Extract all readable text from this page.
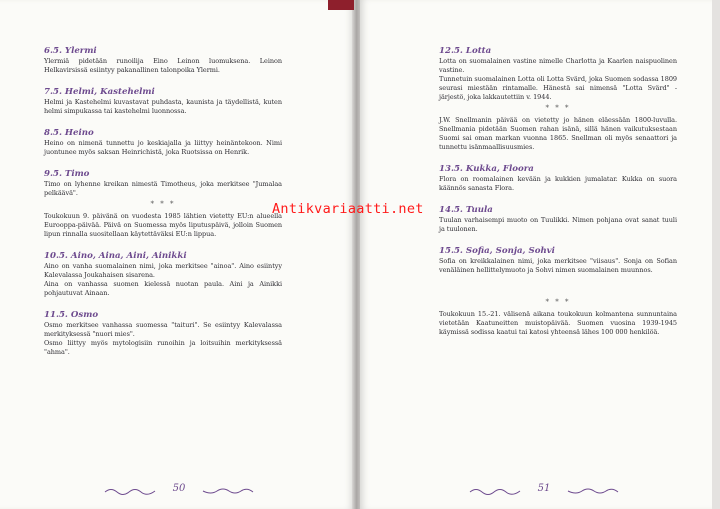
6.5. Ylermi
Ylermiä pidetään runoilija Eino Leinon luomuksena. Leinon Helkavirsissä esiintyy pakanallinen talonpoika Ylermi.
7.5. Helmi, Kastehelmi
Helmi ja Kastehelmi kuvastavat puhdasta, kaunista ja täydellistä, kuten helmi simpukassa tai kastehelmi luonnossa.
8.5. Heino
Heino on nimenä tunnettu jo keskiajalla ja liittyy heinäntekoon. Nimi juontunee myös saksan Heinrichistä, joka Ruotsissa on Henrik.
9.5. Timo
Timo on lyhenne kreikan nimestä Timotheus, joka merkitsee "Jumalaa pelkäävä".
* * *
Toukokuun 9. päivänä on vuodesta 1985 lähtien vietetty EU:n alueella Eurooppa-päivää. Päivä on Suomessa myös liputuspäivä, jolloin Suomen lipun rinnalla suositellaan käytettäväksi EU:n lippua.
10.5. Aino, Aina, Aini, Ainikki
Aino on vanha suomalainen nimi, joka merkitsee "ainoa". Aino esiintyy Kalevalassa Joukahaisen sisarena.
Aina on vanhassa suomen kielessä nuotan paula. Aini ja Ainikki pohjautuvat Ainaan.
11.5. Osmo
Osmo merkitsee vanhassa suomessa "taituri". Se esiintyy Kalevalassa merkityksessä "nuori mies".
Osmo liittyy myös mytologisiin runoihin ja loitsuihin merkityksessä "ahma".
50
12.5. Lotta
Lotta on suomalainen vastine nimelle Charlotta ja Kaarlen naispuolinen vastine.
Tunnetuin suomalainen Lotta oli Lotta Svärd, joka Suomen sodassa 1809 seurasi miestään rintamalle. Hänestä sai nimensä "Lotta Svärd" -järjestö, joka lakkautettiin v. 1944.
* * *
J.W. Snellmanin päivää on vietetty jo hänen eläessään 1800-luvulla. Snellmania pidetään Suomen rahan isänä, sillä hänen vaikutuksestaan Suomi sai oman markan vuonna 1865. Snellman oli myös senaattori ja tunnettu isänmaallisuusmies.
13.5. Kukka, Floora
Flora on roomalainen kevään ja kukkien jumalatar. Kukka on suora käännös sanasta Flora.
14.5. Tuula
Tuulan varhaisempi muoto on Tuulikki. Nimen pohjana ovat sanat tuuli ja tuulonen.
15.5. Sofia, Sonja, Sohvi
Sofia on kreikkalainen nimi, joka merkitsee "viisaus". Sonja on Sofian venäläinen hellittelymuoto ja Sohvi nimen suomalainen muunnos.
* * *
Toukokuun 15.-21. välisenä aikana toukokuun kolmantena sunnuntaina vietetään Kaatuneitten muistopäivää. Suomen vuosina 1939-1945 käymissä sodissa kaatui tai katosi yhteensä lähes 100 000 henkilöä.
51
Antikvariaatti.net
